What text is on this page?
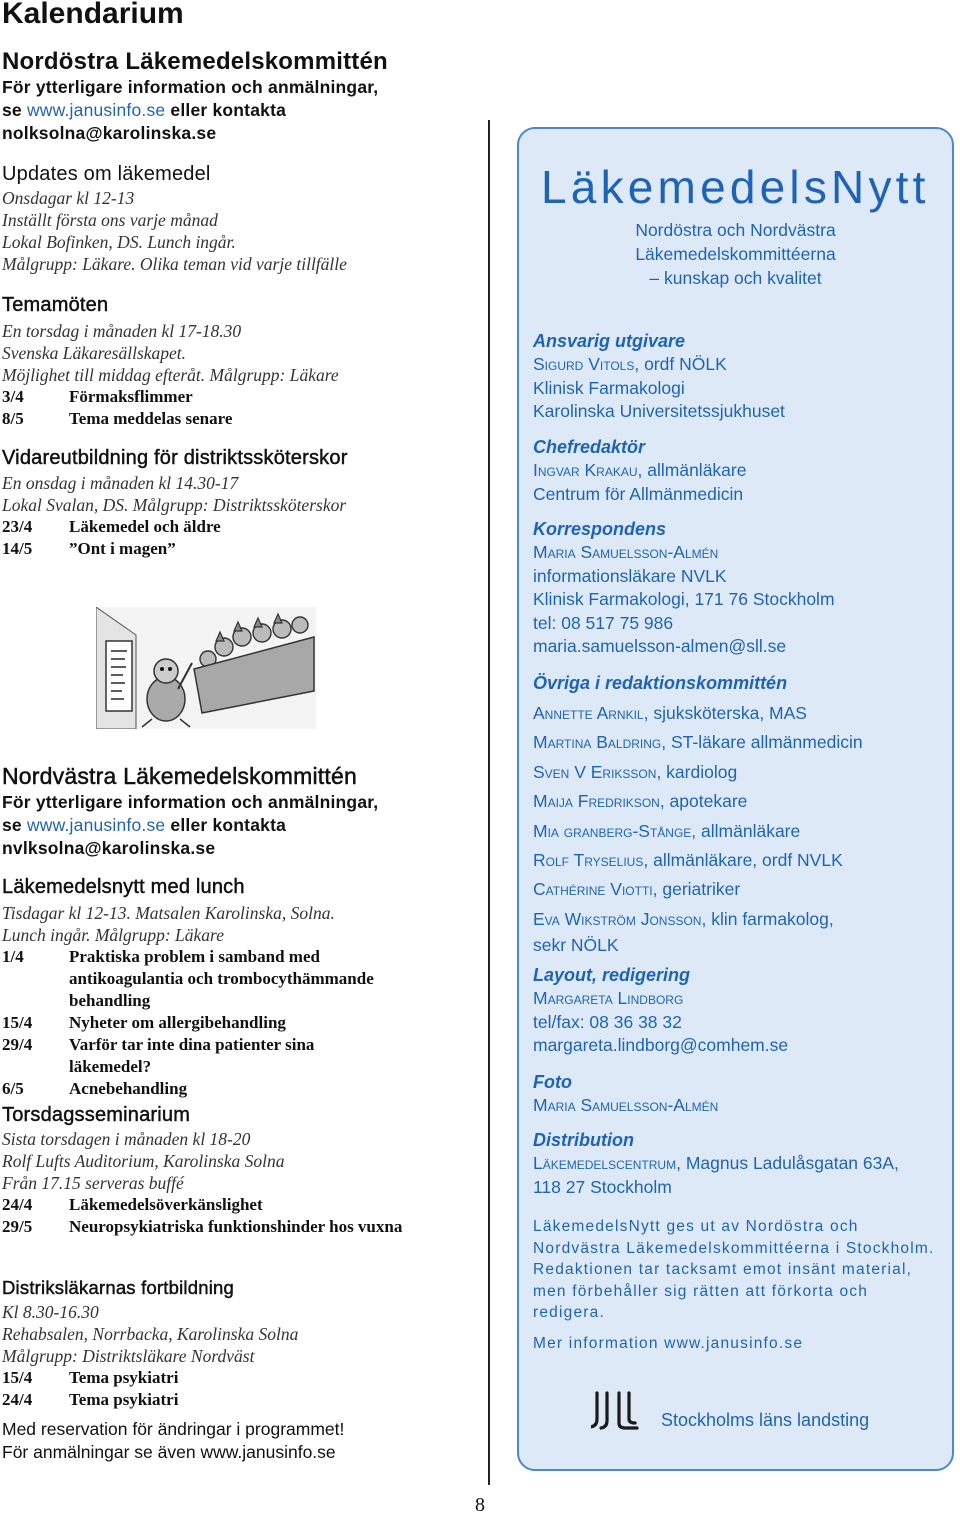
Kalendarium
Nordöstra Läkemedelskommittén
För ytterligare information och anmälningar,
se www.janusinfo.se eller kontakta
nolksolna@karolinska.se
Updates om läkemedel
Onsdagar kl 12-13
Inställt första ons varje månad
Lokal Bofinken, DS. Lunch ingår.
Målgrupp: Läkare. Olika teman vid varje tillfälle
Temamöten
En torsdag i månaden kl 17-18.30
Svenska Läkaresällskapet.
Möjlighet till middag efteråt. Målgrupp: Läkare
3/4	Förmaksflimmer
8/5	Tema meddelas senare
Vidareutbildning för distriktssköterskor
En onsdag i månaden kl 14.30-17
Lokal Svalan, DS. Målgrupp: Distriktssköterskor
23/4	Läkemedel och äldre
14/5	”Ont i magen”
Nordvästra Läkemedelskommittén
För ytterligare information och anmälningar,
se www.janusinfo.se eller kontakta
nvlksolna@karolinska.se
Läkemedelsnytt med lunch
Tisdagar kl 12-13. Matsalen Karolinska, Solna.
Lunch ingår. Målgrupp: Läkare
1/4	Praktiska problem i samband med antikoagulantia och trombocythämmande behandling
15/4	Nyheter om allergibehandling
29/4	Varför tar inte dina patienter sina läkemedel?
6/5	Acnebehandling
Torsdagsseminarium
Sista torsdagen i månaden kl 18-20
Rolf Lufts Auditorium, Karolinska Solna
Från 17.15 serveras buffé
24/4	Läkemedelsöverkänslighet
29/5	Neuropsykiatriska funktionshinder hos vuxna
Distriksläkarnas fortbildning
Kl 8.30-16.30
Rehabsalen, Norrbacka, Karolinska Solna
Målgrupp: Distriktsläkare Nordväst
15/4	Tema psykiatri
24/4	Tema psykiatri
Med reservation för ändringar i programmet!
För anmälningar se även www.janusinfo.se
8
LäkemedelsNytt
Nordöstra och Nordvästra
Läkemedelskommittéerna
– kunskap och kvalitet
Ansvarig utgivare
Sigurd Vitols, ordf NÖLK
Klinisk Farmakologi
Karolinska Universitetssjukhuset
Chefredaktör
Ingvar Krakau, allmänläkare
Centrum för Allmänmedicin
Korrespondens
Maria Samuelsson-Almén
informationsläkare NVLK
Klinisk Farmakologi, 171 76 Stockholm
tel: 08 517 75 986
maria.samuelsson-almen@sll.se
Övriga i redaktionskommittén
Annette Arnkil, sjuksköterska, MAS
Martina Baldring, ST-läkare allmänmedicin
Sven V Eriksson, kardiolog
Maija Fredrikson, apotekare
Mia granberg-Stånge, allmänläkare
Rolf Tryselius, allmänläkare, ordf NVLK
Cathérine Viotti, geriatriker
Eva Wikström Jonsson, klin farmakolog,
sekr NÖLK
Layout, redigering
Margareta Lindborg
tel/fax: 08 36 38 32
margareta.lindborg@comhem.se
Foto
Maria Samuelsson-Almén
Distribution
Läkemedelscentrum, Magnus Ladulåsgatan 63A,
118 27 Stockholm
LäkemedelsNytt ges ut av Nordöstra och Nordvästra Läkemedelskommittéerna i Stockholm. Redaktionen tar tacksamt emot insänt material, men förbehåller sig rätten att förkorta och redigera.
Mer information www.janusinfo.se
Stockholms läns landsting
